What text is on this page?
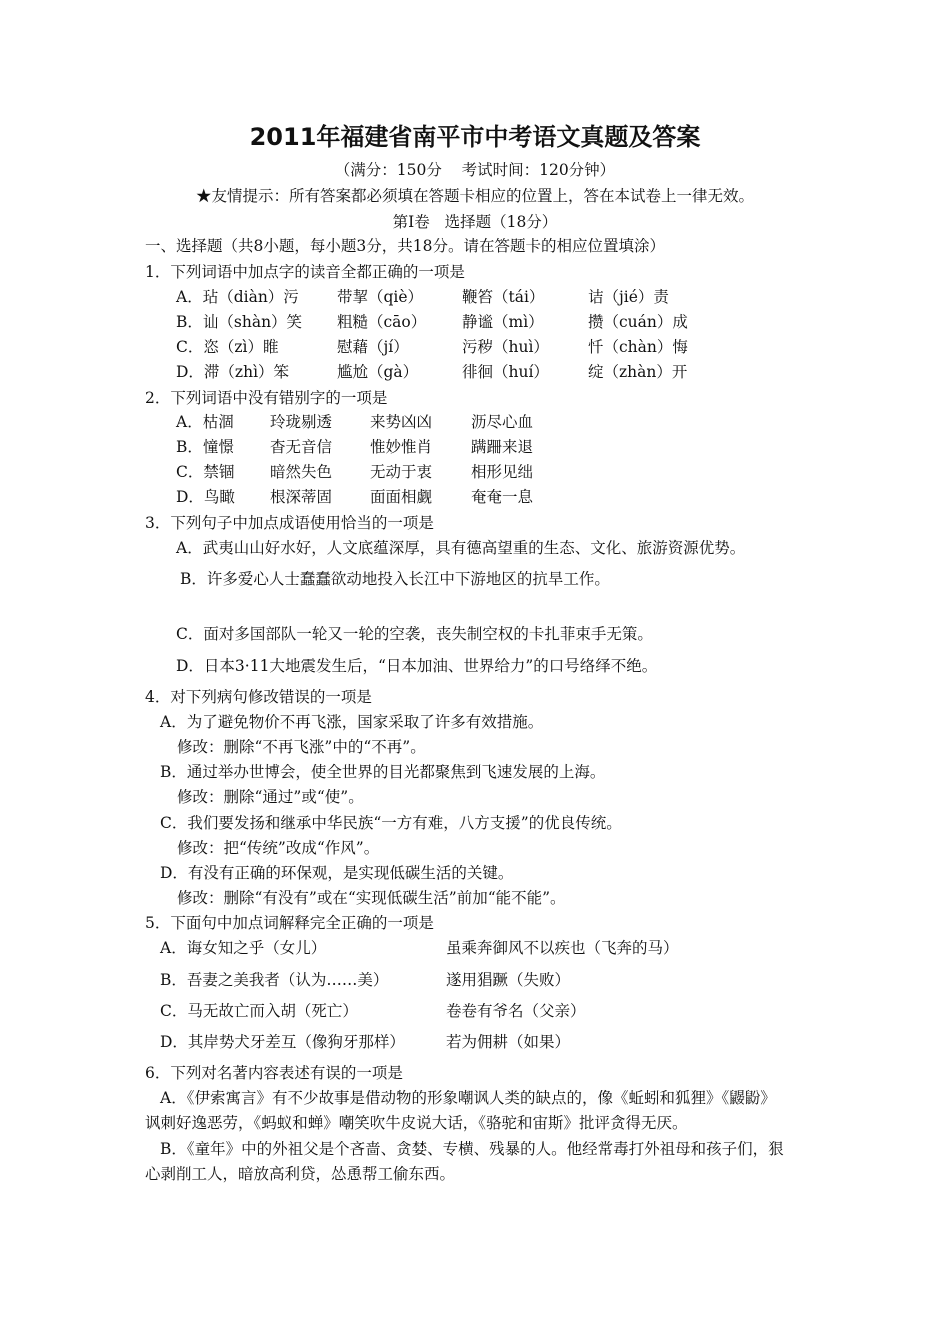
2011年福建省南平市中考语文真题及答案
（满分：150分    考试时间：120分钟）
★友情提示：所有答案都必须填在答题卡相应的位置上，答在本试卷上一律无效。
第Ⅰ卷   选择题（18分）
一、选择题（共8小题，每小题3分，共18分。请在答题卡的相应位置填涂）
1．下列词语中加点字的读音全都正确的一项是
A．玷（diàn）污 带挈（qiè）	鞭笞（tái）	诘（jié）责
B．讪（shàn）笑 粗糙（cāo） 静谧（mì）	攒（cuán）成
C．恣（zì）睢	慰藉（jí）	污秽（huì）	忏（chàn）悔
D．滞（zhì）笨	尴尬（gà）	徘徊（huí）	绽（zhàn）开
2．下列词语中没有错别字的一项是
A．枯涸 玲珑剔透 来势凶凶	沥尽心血
B．憧憬 杳无音信 惟妙惟肖	蹒跚来退
C．禁锢 暗然失色 无动于衷	相形见绌
D．鸟瞰 根深蒂固 面面相觑	奄奄一息
3．下列句子中加点成语使用恰当的一项是
A．武夷山山好水好，人文底蕴深厚，具有德高望重的生态、文化、旅游资源优势。
B．许多爱心人士蠢蠢欲动地投入长江中下游地区的抗旱工作。
C．面对多国部队一轮又一轮的空袭，丧失制空权的卡扎菲束手无策。
D．日本3·11大地震发生后，“日本加油、世界给力”的口号络绎不绝。
4．对下列病句修改错误的一项是
A．为了避免物价不再飞涨，国家采取了许多有效措施。
修改：删除“不再飞涨”中的“不再”。
B．通过举办世博会，使全世界的目光都聚焦到飞速发展的上海。
修改：删除“通过”或“使”。
C．我们要发扬和继承中华民族“一方有难，八方支援”的优良传统。
修改：把“传统”改成“作风”。
D．有没有正确的环保观，是实现低碳生活的关键。
修改：删除“有没有”或在“实现低碳生活”前加“能不能”。
5．下面句中加点词解释完全正确的一项是
A．诲女知之乎（女儿）	虽乘奔御风不以疾也（飞奔的马）
B．吾妻之美我者（认为……美）	遂用猖蹶（失败）
C．马无故亡而入胡（死亡）	卷卷有爷名（父亲）
D．其岸势犬牙差互（像狗牙那样）	若为佣耕（如果）
6．下列对名著内容表述有误的一项是
A．《伊索寓言》有不少故事是借动物的形象嘲讽人类的缺点的，像《蚯蚓和狐狸》《鼹鼢》
讽刺好逸恶劳，《蚂蚁和蝉》嘲笑吹牛皮说大话，《骆驼和宙斯》批评贪得无厌。
B．《童年》中的外祖父是个吝啬、贪婪、专横、残暴的人。他经常毒打外祖母和孩子们，狠
心剥削工人，暗放高利贷，怂恿帮工偷东西。
